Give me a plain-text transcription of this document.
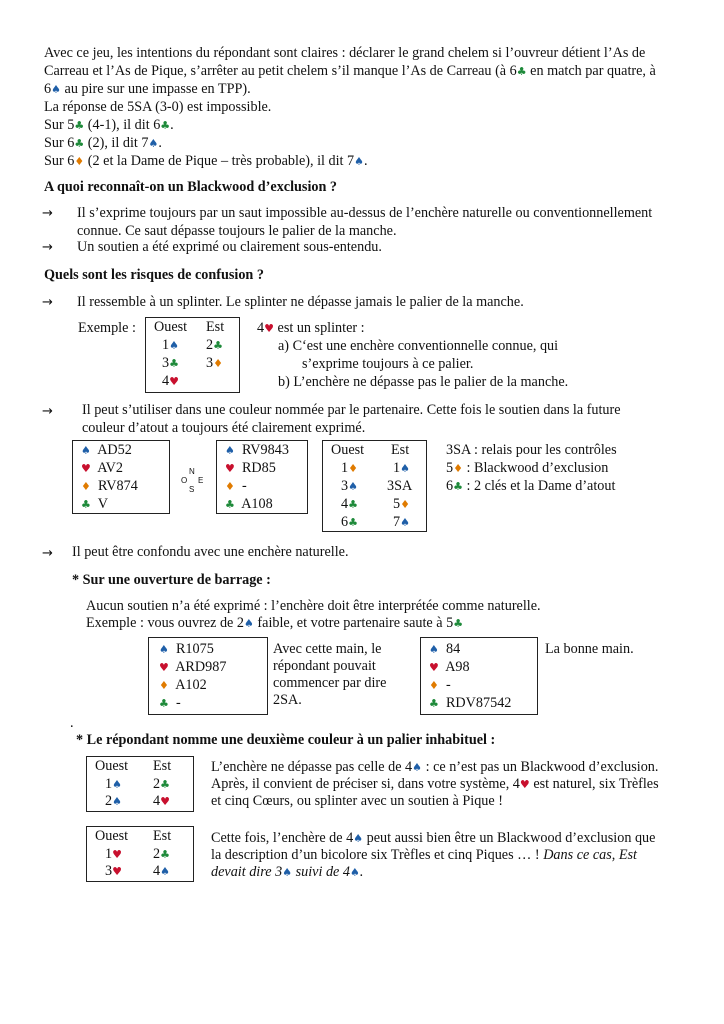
Avec ce jeu, les intentions du répondant sont claires : déclarer le grand chelem si l’ouvreur détient l’As de
Carreau et l’As de Pique, s’arrêter au petit chelem s’il manque l’As de Carreau (à 6♣ en match par quatre, à
6♠ au pire sur une impasse en TPP).
La réponse de 5SA (3-0) est impossible.
Sur 5♣ (4-1), il dit 6♣.
Sur 6♣ (2), il dit 7♠.
Sur 6♦ (2 et la Dame de Pique – très probable), il dit 7♠.
A quoi reconnaît-on un Blackwood d’exclusion ?
→ Il s’exprime toujours par un saut impossible au-dessus de l’enchère naturelle ou conventionnellement
connue. Ce saut dépasse toujours le palier de la manche.
→ Un soutien a été exprimé ou clairement sous-entendu.
Quels sont les risques de confusion ?
→ Il ressemble à un splinter. Le splinter ne dépasse jamais le palier de la manche.
Exemple : Ouest Est
1♠ 2♣
3♣ 3♦
4♥
4♥ est un splinter :
a) C‘est une enchère conventionnelle connue, qui
s’exprime toujours à ce palier.
b) L’enchère ne dépasse pas le palier de la manche.
→ Il peut s’utiliser dans une couleur nommée par le partenaire. Cette fois le soutien dans la future
couleur d’atout a toujours été clairement exprimé.
♠ AD52
♥ AV2
♦ RV874
♣ V
N
O E
S
♠ RV9843
♥ RD85
♦ -
♣ A108
Ouest Est
1♦ 1♠
3♠ 3SA
4♣ 5♦
6♣ 7♠
3SA : relais pour les contrôles
5♦ : Blackwood d’exclusion
6♣ : 2 clés et la Dame d’atout
→ Il peut être confondu avec une enchère naturelle.
* Sur une ouverture de barrage :
Aucun soutien n’a été exprimé : l’enchère doit être interprétée comme naturelle.
Exemple : vous ouvrez de 2♠ faible, et votre partenaire saute à 5♣
♠ R1075
♥ ARD987
♦ A102
♣ -
Avec cette main, le
répondant pouvait
commencer par dire
2SA.
♠ 84
♥ A98
♦ -
♣ RDV87542
La bonne main.
.
* Le répondant nomme une deuxième couleur à un palier inhabituel :
Ouest Est
1♠ 2♣
2♠ 4♥
L’enchère ne dépasse pas celle de 4♠ : ce n’est pas un Blackwood d’exclusion.
Après, il convient de préciser si, dans votre système, 4♥ est naturel, six Trèfles
et cinq Cœurs, ou splinter avec un soutien à Pique !
Ouest Est
1♥ 2♣
3♥ 4♠
Cette fois, l’enchère de 4♠ peut aussi bien être un Blackwood d’exclusion que
la description d’un bicolore six Trèfles et cinq Piques … ! Dans ce cas, Est
devait dire 3♠ suivi de 4♠.
